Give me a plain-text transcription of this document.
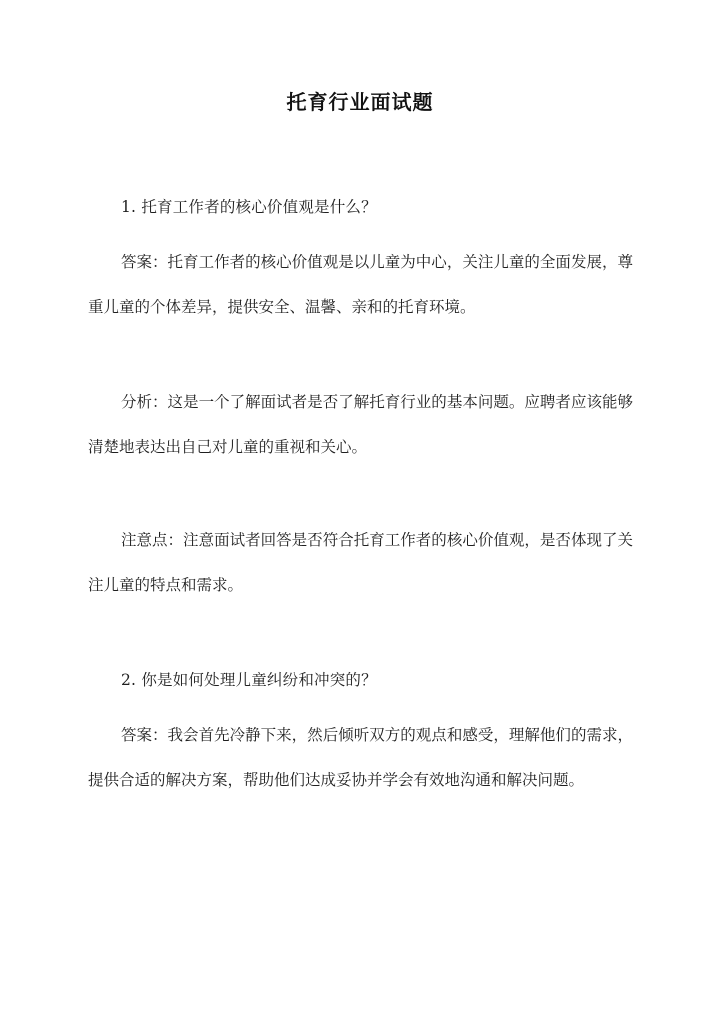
托育行业面试题
1. 托育工作者的核心价值观是什么？
答案：托育工作者的核心价值观是以儿童为中心，关注儿童的全面发展，尊重儿童的个体差异，提供安全、温馨、亲和的托育环境。
分析：这是一个了解面试者是否了解托育行业的基本问题。应聘者应该能够清楚地表达出自己对儿童的重视和关心。
注意点：注意面试者回答是否符合托育工作者的核心价值观，是否体现了关注儿童的特点和需求。
2. 你是如何处理儿童纠纷和冲突的？
答案：我会首先冷静下来，然后倾听双方的观点和感受，理解他们的需求，提供合适的解决方案，帮助他们达成妥协并学会有效地沟通和解决问题。
